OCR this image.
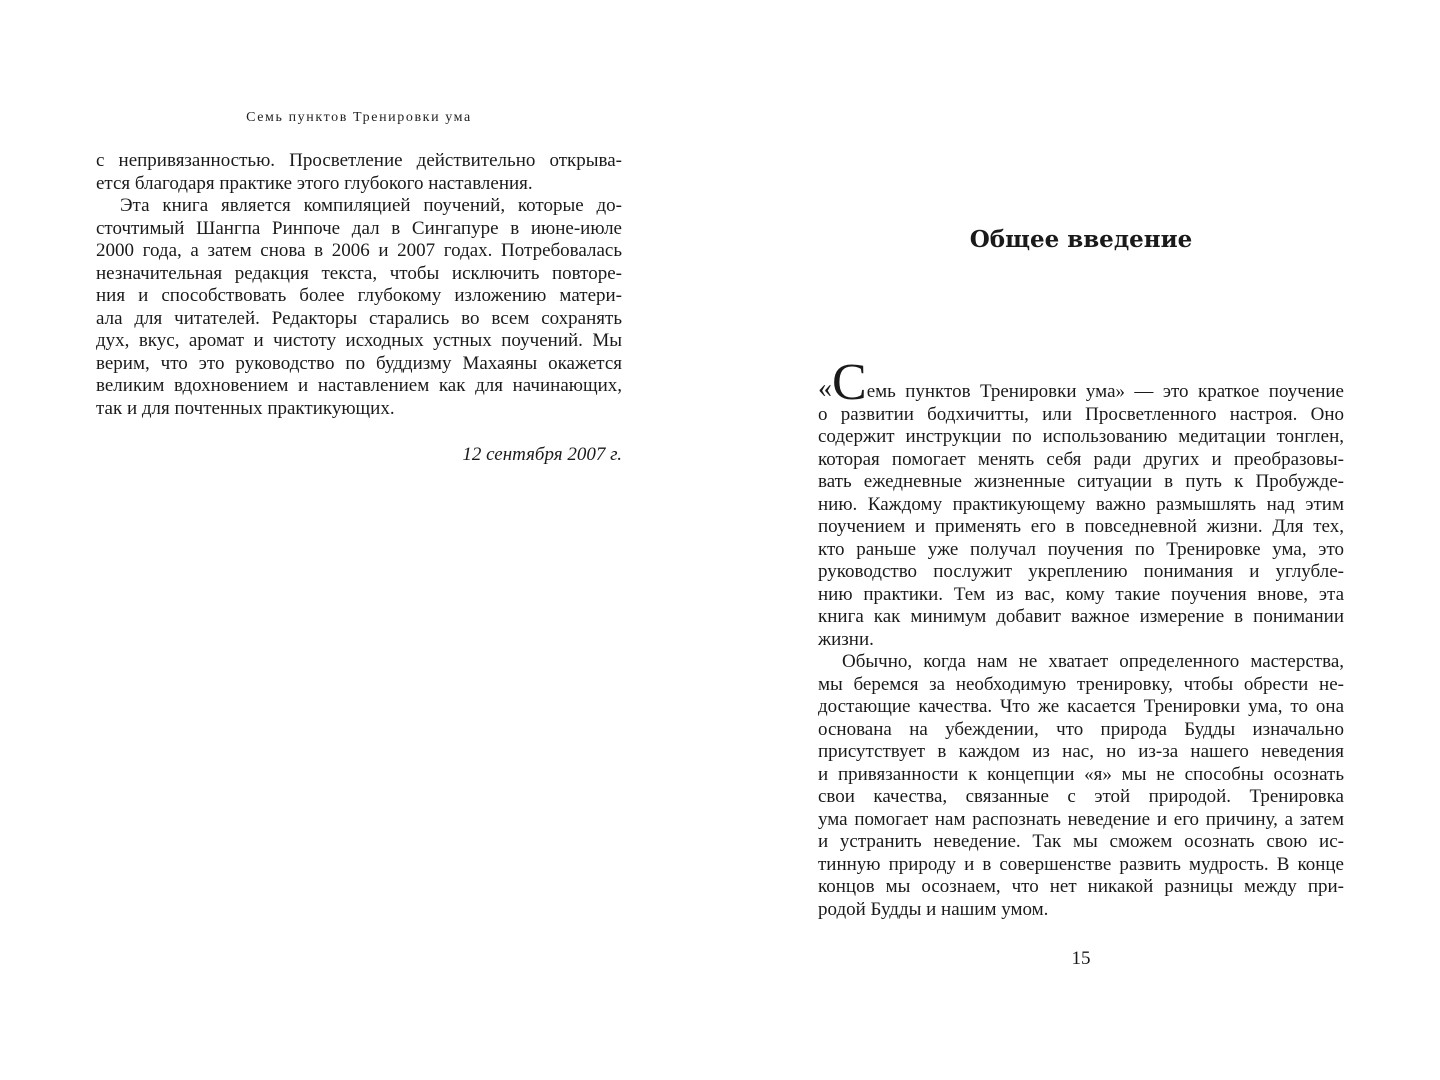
Семь пунктов Тренировки ума
с непривязанностью. Просветление действительно открыва-
ется благодаря практике этого глубокого наставления.
Эта книга является компиляцией поучений, которые до-
сточтимый Шангпа Ринпоче дал в Сингапуре в июне-июле
2000 года, а затем снова в 2006 и 2007 годах. Потребовалась
незначительная редакция текста, чтобы исключить повторе-
ния и способствовать более глубокому изложению матери-
ала для читателей. Редакторы старались во всем сохранять
дух, вкус, аромат и чистоту исходных устных поучений. Мы
верим, что это руководство по буддизму Махаяны окажется
великим вдохновением и наставлением как для начинающих,
так и для почтенных практикующих.
12 сентября 2007 г.
Общее введение
«Семь пунктов Тренировки ума» — это краткое поучение
о развитии бодхичитты, или Просветленного настроя. Оно
содержит инструкции по использованию медитации тонглен,
которая помогает менять себя ради других и преобразовы-
вать ежедневные жизненные ситуации в путь к Пробужде-
нию. Каждому практикующему важно размышлять над этим
поучением и применять его в повседневной жизни. Для тех,
кто раньше уже получал поучения по Тренировке ума, это
руководство послужит укреплению понимания и углубле-
нию практики. Тем из вас, кому такие поучения внове, эта
книга как минимум добавит важное измерение в понимании
жизни.
Обычно, когда нам не хватает определенного мастерства,
мы беремся за необходимую тренировку, чтобы обрести не-
достающие качества. Что же касается Тренировки ума, то она
основана на убеждении, что природа Будды изначально
присутствует в каждом из нас, но из-за нашего неведения
и привязанности к концепции «я» мы не способны осознать
свои качества, связанные с этой природой. Тренировка
ума помогает нам распознать неведение и его причину, а затем
и устранить неведение. Так мы сможем осознать свою ис-
тинную природу и в совершенстве развить мудрость. В конце
концов мы осознаем, что нет никакой разницы между при-
родой Будды и нашим умом.
15
